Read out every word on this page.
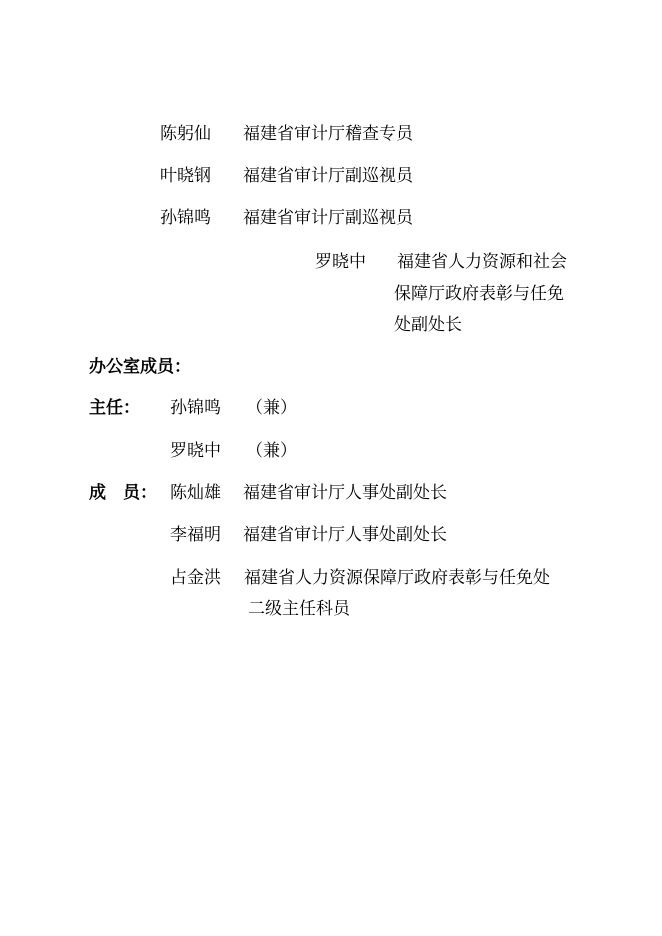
陈躬仙 福建省审计厅稽查专员
叶晓钢 福建省审计厅副巡视员
孙锦鸣 福建省审计厅副巡视员
罗晓中 福建省人力资源和社会
保障厅政府表彰与任免
处副处长
办公室成员：
主任： 孙锦鸣 （兼）
罗晓中 （兼）
成　员： 陈灿雄 福建省审计厅人事处副处长
李福明 福建省审计厅人事处副处长
占金洪 福建省人力资源保障厅政府表彰与任免处
二级主任科员
